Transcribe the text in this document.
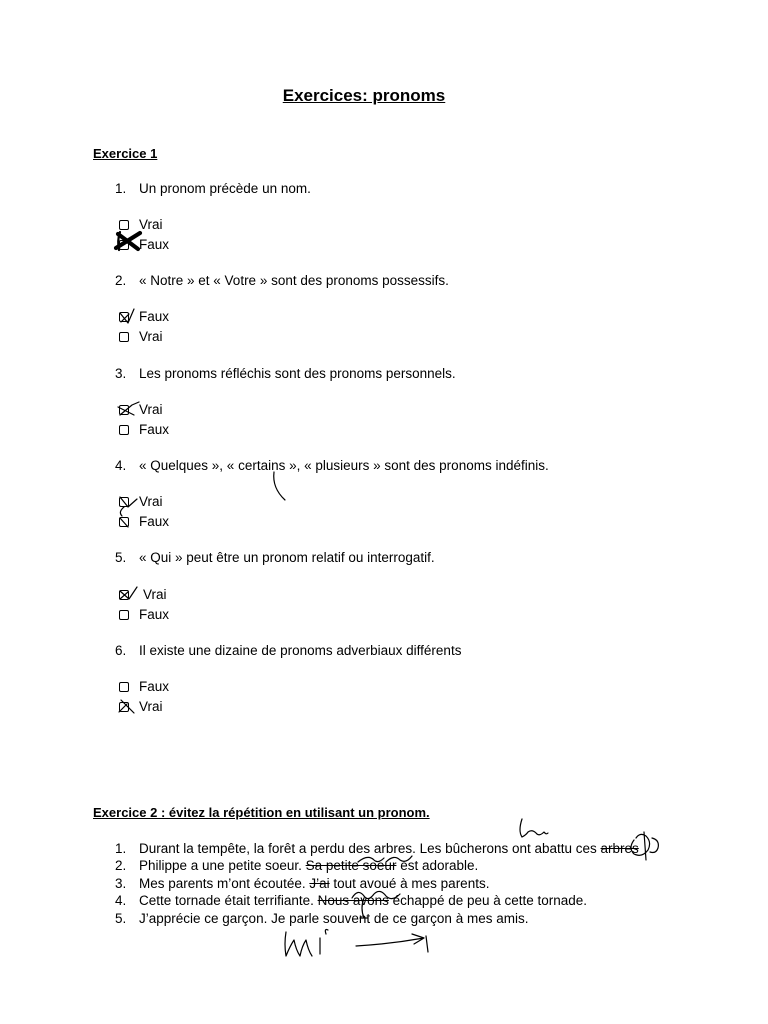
Exercices: pronoms
Exercice 1
1. Un pronom précède un nom.
Vrai
Faux
2. « Notre » et « Votre » sont des pronoms possessifs.
Faux
Vrai
3. Les pronoms réfléchis sont des pronoms personnels.
Vrai
Faux
4. « Quelques », « certains », « plusieurs » sont des pronoms indéfinis.
Vrai
Faux
5. « Qui » peut être un pronom relatif ou interrogatif.
Vrai
Faux
6. Il existe une dizaine de pronoms adverbiaux différents
Faux
Vrai
Exercice 2 : évitez la répétition en utilisant un pronom.
1. Durant la tempête, la forêt a perdu des arbres. Les bûcherons ont abattu ces arbres
2. Philippe a une petite soeur. Sa petite soeur est adorable.
3. Mes parents m’ont écoutée. J’ai tout avoué à mes parents.
4. Cette tornade était terrifiante. Nous avons échappé de peu à cette tornade.
5. J’apprécie ce garçon. Je parle souvent de ce garçon à mes amis.
